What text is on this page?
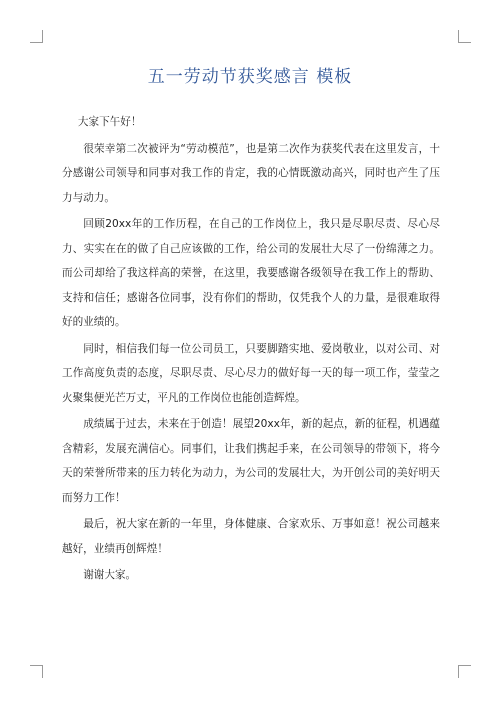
五一劳动节获奖感言 模板

大家下午好！

很荣幸第二次被评为“劳动模范”，也是第二次作为获奖代表在这里发言，十分感谢公司领导和同事对我工作的肯定，我的心情既激动高兴，同时也产生了压力与动力。

回顾20xx年的工作历程，在自己的工作岗位上，我只是尽职尽责、尽心尽力、实实在在的做了自己应该做的工作，给公司的发展壮大尽了一份绵薄之力。而公司却给了我这样高的荣誉，在这里，我要感谢各级领导在我工作上的帮助、支持和信任；感谢各位同事，没有你们的帮助，仅凭我个人的力量，是很难取得好的业绩的。

同时，相信我们每一位公司员工，只要脚踏实地、爱岗敬业，以对公司、对工作高度负责的态度，尽职尽责、尽心尽力的做好每一天的每一项工作，莹莹之火聚集便光芒万丈，平凡的工作岗位也能创造辉煌。

成绩属于过去，未来在于创造！展望20xx年，新的起点，新的征程，机遇蕴含精彩，发展充满信心。同事们，让我们携起手来，在公司领导的带领下，将今天的荣誉所带来的压力转化为动力，为公司的发展壮大，为开创公司的美好明天而努力工作！

最后，祝大家在新的一年里，身体健康、合家欢乐、万事如意！祝公司越来越好，业绩再创辉煌！

谢谢大家。
